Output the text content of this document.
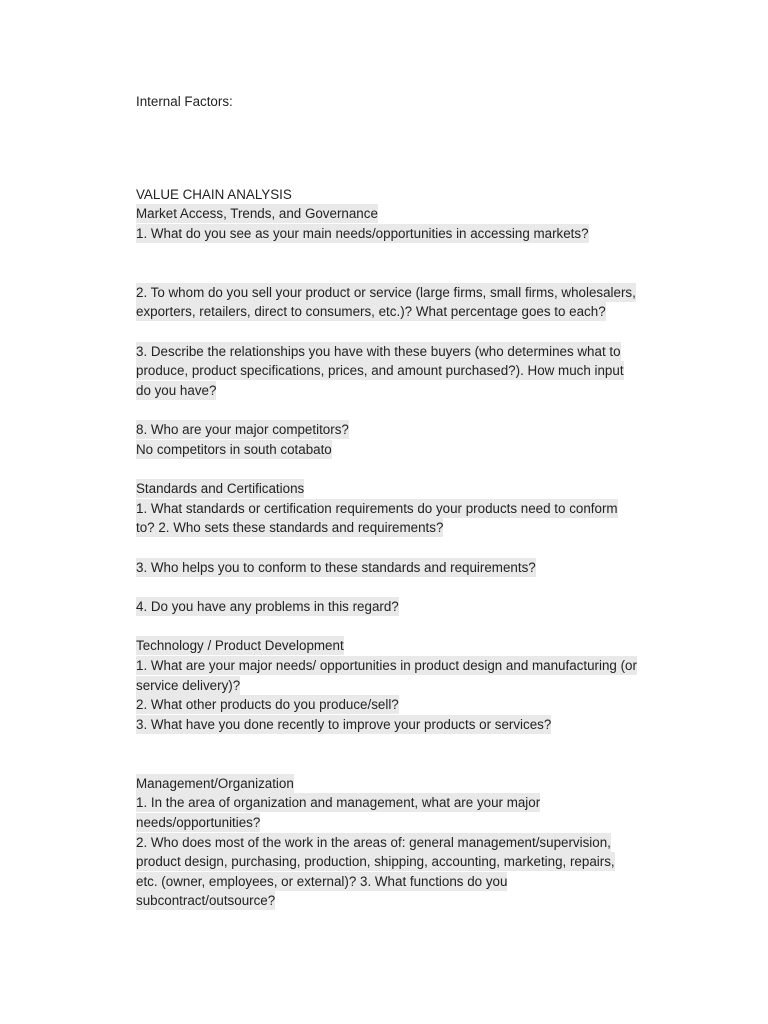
Internal Factors:
VALUE CHAIN ANALYSIS
Market Access, Trends, and Governance
1. What do you see as your main needs/opportunities in accessing markets?
2. To whom do you sell your product or service (large firms, small firms, wholesalers,
exporters, retailers, direct to consumers, etc.)? What percentage goes to each?
3. Describe the relationships you have with these buyers (who determines what to
produce, product specifications, prices, and amount purchased?). How much input
do you have?
8. Who are your major competitors?
No competitors in south cotabato
Standards and Certifications
1. What standards or certification requirements do your products need to conform
to? 2. Who sets these standards and requirements?
3. Who helps you to conform to these standards and requirements?
4. Do you have any problems in this regard?
Technology / Product Development
1. What are your major needs/ opportunities in product design and manufacturing (or
service delivery)?
2. What other products do you produce/sell?
3. What have you done recently to improve your products or services?
Management/Organization
1. In the area of organization and management, what are your major
needs/opportunities?
2. Who does most of the work in the areas of: general management/supervision,
product design, purchasing, production, shipping, accounting, marketing, repairs,
etc. (owner, employees, or external)? 3. What functions do you
subcontract/outsource?
